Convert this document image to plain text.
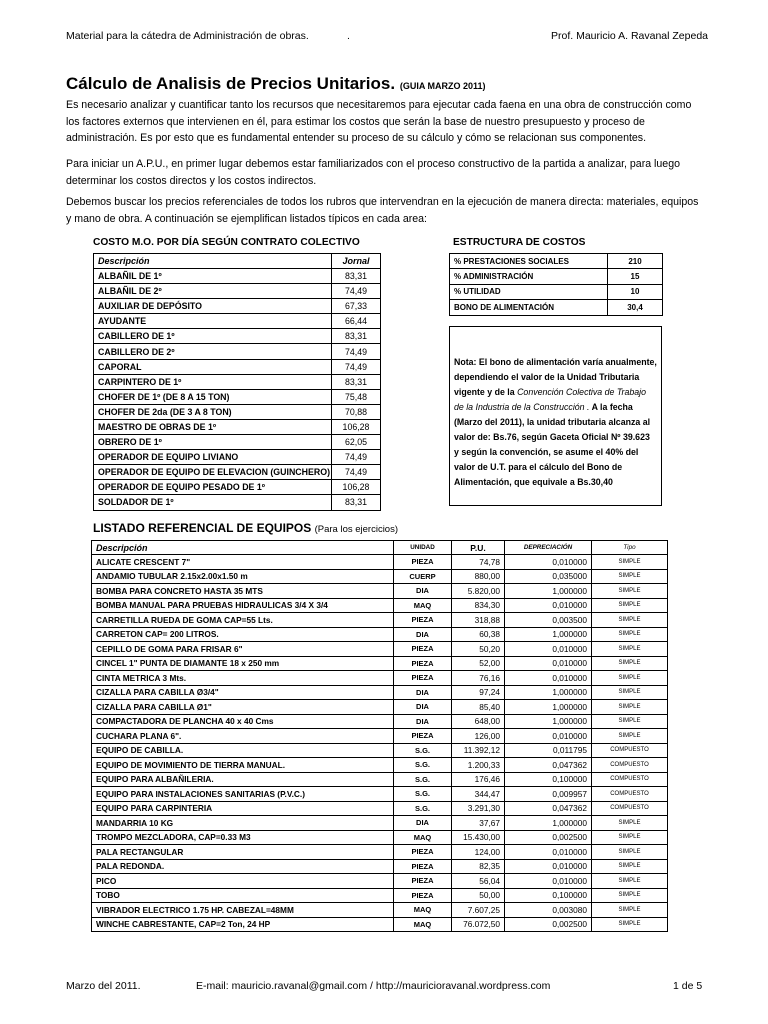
Material para la cátedra de Administración de obras.	.	Prof. Mauricio A. Ravanal Zepeda
Cálculo de Analisis de Precios Unitarios. (GUIA MARZO 2011)

Es necesario analizar y cuantificar tanto los recursos que necesitaremos para ejecutar cada faena en una obra de construcción como los factores externos que intervienen en él, para estimar los costos que serán la base de nuestro presupuesto y proceso de administración. Es por esto que es fundamental entender su proceso de su cálculo y cómo se relacionan sus componentes.

Para iniciar un A.P.U., en primer lugar debemos estar familiarizados con el proceso constructivo de la partida a analizar, para luego determinar los costos directos y los costos indirectos.

Debemos buscar los precios referenciales de todos los rubros que intervendran en la ejecución de manera directa: materiales, equipos y mano de obra. A continuación se ejemplifican listados típicos en cada area:

COSTO M.O. POR DÍA SEGÚN CONTRATO COLECTIVO
Descripción	Jornal
ALBAÑIL DE 1º	83,31
ALBAÑIL DE 2º	74,49
AUXILIAR DE DEPÓSITO	67,33
AYUDANTE	66,44
CABILLERO DE 1º	83,31
CABILLERO DE 2º	74,49
CAPORAL	74,49
CARPINTERO DE 1º	83,31
CHOFER DE 1º (DE 8 A 15 TON)	75,48
CHOFER DE 2da (DE 3 A 8 TON)	70,88
MAESTRO DE OBRAS DE 1º	106,28
OBRERO DE 1º	62,05
OPERADOR DE EQUIPO LIVIANO	74,49
OPERADOR DE EQUIPO DE ELEVACION (GUINCHERO)	74,49
OPERADOR DE EQUIPO PESADO DE 1º	106,28
SOLDADOR DE 1º	83,31
ESTRUCTURA DE COSTOS
% PRESTACIONES SOCIALES	210
% ADMINISTRACIÓN	15
% UTILIDAD	10
BONO DE ALIMENTACIÓN	30,4
Nota: El bono de alimentación varía anualmente, dependiendo el valor de la Unidad Tributaria vigente y de la Convención Colectiva de Trabajo de la Industria de la Construcción . A la fecha (Marzo del 2011), la unidad tributaria alcanza al valor de: Bs.76, según Gaceta Oficial Nº 39.623 y según la convención, se asume el 40% del valor de U.T. para el cálculo del Bono de Alimentación, que equivale a Bs.30,40
LISTADO REFERENCIAL DE EQUIPOS (Para los ejercicios)
Descripción	UNIDAD	P.U.	DEPRECIACIÓN	Tipo
ALICATE CRESCENT 7"	PIEZA	74,78	0,010000	SIMPLE
ANDAMIO TUBULAR 2.15x2.00x1.50 m	CUERP	880,00	0,035000	SIMPLE
BOMBA PARA CONCRETO HASTA 35 MTS	DIA	5.820,00	1,000000	SIMPLE
BOMBA MANUAL PARA PRUEBAS HIDRAULICAS 3/4 X 3/4	MAQ	834,30	0,010000	SIMPLE
CARRETILLA RUEDA DE GOMA CAP=55 Lts.	PIEZA	318,88	0,003500	SIMPLE
CARRETON CAP= 200 LITROS.	DIA	60,38	1,000000	SIMPLE
CEPILLO DE GOMA PARA FRISAR 6"	PIEZA	50,20	0,010000	SIMPLE
CINCEL 1" PUNTA DE DIAMANTE 18 x 250 mm	PIEZA	52,00	0,010000	SIMPLE
CINTA METRICA 3 Mts.	PIEZA	76,16	0,010000	SIMPLE
CIZALLA PARA CABILLA Ø3/4"	DIA	97,24	1,000000	SIMPLE
CIZALLA PARA CABILLA Ø1"	DIA	85,40	1,000000	SIMPLE
COMPACTADORA DE PLANCHA 40 x 40 Cms	DIA	648,00	1,000000	SIMPLE
CUCHARA PLANA 6".	PIEZA	126,00	0,010000	SIMPLE
EQUIPO DE CABILLA.	S.G.	11.392,12	0,011795	COMPUESTO
EQUIPO DE MOVIMIENTO DE TIERRA MANUAL.	S.G.	1.200,33	0,047362	COMPUESTO
EQUIPO PARA ALBAÑILERIA.	S.G.	176,46	0,100000	COMPUESTO
EQUIPO PARA INSTALACIONES SANITARIAS (P.V.C.)	S.G.	344,47	0,009957	COMPUESTO
EQUIPO PARA CARPINTERIA	S.G.	3.291,30	0,047362	COMPUESTO
MANDARRIA 10 KG	DIA	37,67	1,000000	SIMPLE
TROMPO MEZCLADORA, CAP=0.33 M3	MAQ	15.430,00	0,002500	SIMPLE
PALA RECTANGULAR	PIEZA	124,00	0,010000	SIMPLE
PALA REDONDA.	PIEZA	82,35	0,010000	SIMPLE
PICO	PIEZA	56,04	0,010000	SIMPLE
TOBO	PIEZA	50,00	0,100000	SIMPLE
VIBRADOR ELECTRICO 1.75 HP. CABEZAL=48MM	MAQ	7.607,25	0,003080	SIMPLE
WINCHE CABRESTANTE, CAP=2 Ton, 24 HP	MAQ	76.072,50	0,002500	SIMPLE
Marzo del 2011.	E-mail: mauricio.ravanal@gmail.com / http://mauricioravanal.wordpress.com	1 de 5
